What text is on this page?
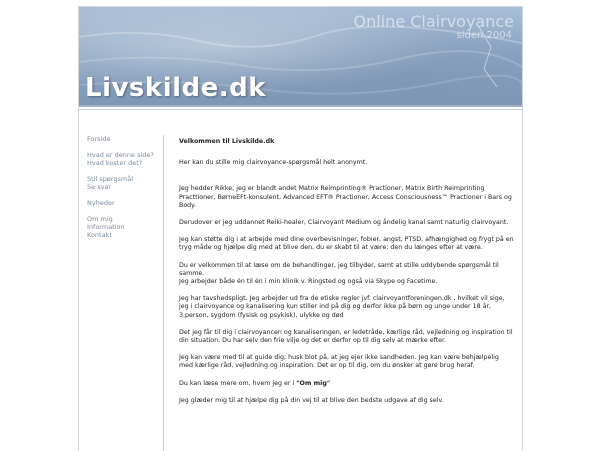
Online Clairvoyance
siden 2004
Livskilde.dk
Forside
Hvad er denne side?
Hvad koster det?
Stil spørgsmål
Se svar
Nyheder
Om mig
Information
Kontakt

Velkommen til Livskilde.dk

Her kan du stille mig clairvoyance-spørgsmål helt anonymt.

Jeg hedder Rikke; jeg er blandt andet Matrix Reimprinting® Practioner, Matrix Birth Reimprinting Practtioner, BørneEFt-konsulent, Advanced EFT® Practioner, Access Consciousness™ Practioner i Bars og Body.

Derudover er jeg uddannet Reiki-healer, Clairvoyant Medium og åndelig kanal samt naturlig clairvoyant.

Jeg kan støtte dig i at arbejde med dine overbevisninger, fobier, angst, PTSD, afhængighed og frygt på en tryg måde og hjælpe dig med at blive den, du er skabt til at være; den du længes efter at være.

Du er velkommen til at læse om de behandlinger, jeg tilbyder, samt at stille uddybende spørgsmål til samme.
Jeg arbejder både én til én i min klinik v. Ringsted og også via Skype og Facetime.

Jeg har tavshedspligt. Jeg arbejder ud fra de etiske regler jvf. clairvoyantforeningen.dk , hvilket vil sige, jeg i clairvoyance og kanalisering kun stiller ind på dig og derfor ikke på børn og unge under 18 år, 3.person, sygdom (fysisk og psykisk), ulykke og død

Det jeg får til dig i clairvoyancen og kanaliseringen, er ledetråde, kærlige råd, vejledning og inspiration til din situation. Du har selv den frie vilje og det er derfor op til dig selv at mærke efter.

Jeg kan være med til at guide dig; husk blot på, at jeg ejer ikke sandheden. Jeg kan være behjælpelig med kærlige råd, vejledning og inspiration. Det er op til dig, om du ønsker at gøre brug heraf.

Du kan læse mere om, hvem jeg er i "Om mig"

Jeg glæder mig til at hjælpe dig på din vej til at blive den bedste udgave af dig selv.
